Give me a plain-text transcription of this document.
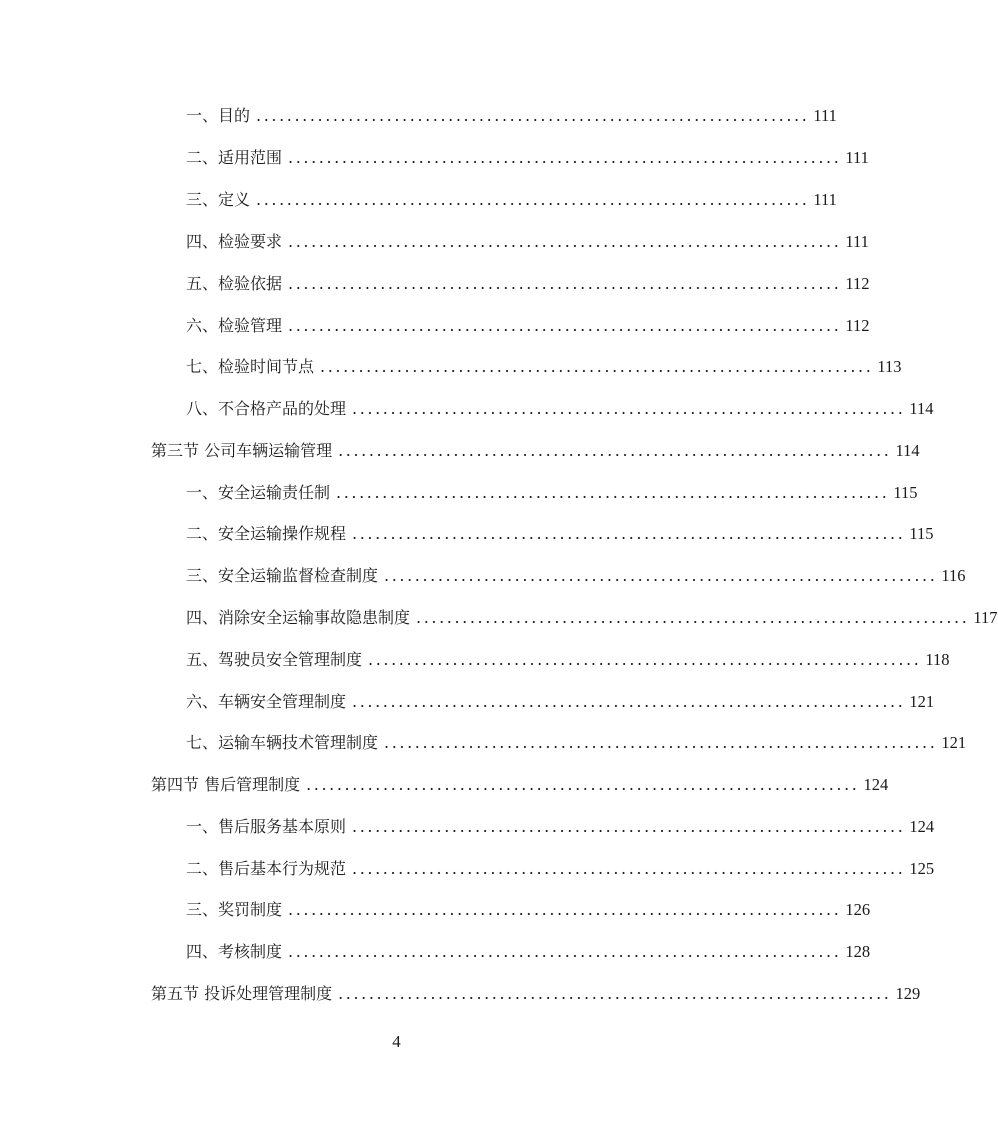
一、目的 ........................................................................ 111
二、适用范围 ........................................................................ 111
三、定义 ........................................................................ 111
四、检验要求 ........................................................................ 111
五、检验依据 ........................................................................ 112
六、检验管理 ........................................................................ 112
七、检验时间节点 ........................................................................ 113
八、不合格产品的处理 ........................................................................ 114
第三节 公司车辆运输管理 ........................................................................ 114
一、安全运输责任制 ........................................................................ 115
二、安全运输操作规程 ........................................................................ 115
三、安全运输监督检查制度 ........................................................................ 116
四、消除安全运输事故隐患制度 ........................................................................ 117
五、驾驶员安全管理制度 ........................................................................ 118
六、车辆安全管理制度 ........................................................................ 121
七、运输车辆技术管理制度 ........................................................................ 121
第四节 售后管理制度 ........................................................................ 124
一、售后服务基本原则 ........................................................................ 124
二、售后基本行为规范 ........................................................................ 125
三、奖罚制度 ........................................................................ 126
四、考核制度 ........................................................................ 128
第五节 投诉处理管理制度 ........................................................................ 129
4
